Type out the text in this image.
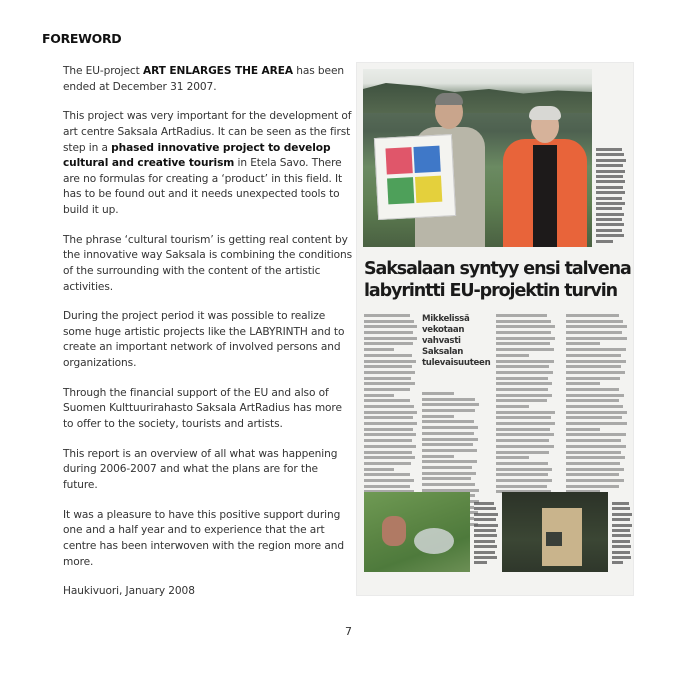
FOREWORD

The EU-project ART ENLARGES THE AREA has been ended at December 31 2007.

This project was very important for the development of art centre Saksala ArtRadius. It can be seen as the first step in a phased innovative project to develop cultural and creative tourism in Etela Savo. There are no formulas for creating a ‘product’ in this field. It has to be found out and it needs unexpected tools to build it up.

The phrase ‘cultural tourism’ is getting real content by the innovative way Saksala is combining the conditions of the surrounding with the content of the artistic activities.

During the project period it was possible to realize some huge artistic projects like the LABYRINTH and to create an important network of involved persons and organizations.

Through the financial support of the EU and also of Suomen Kulttuurirahasto Saksala ArtRadius has more to offer to the society, tourists and artists.

This report is an overview of all what was happening during 2006-2007 and what the plans are for the future.

It was a pleasure to have this positive support during one and a half year and to experience that the art centre has been interwoven with the region more and more.

Haukivuori, January 2008

Saksalaan syntyy ensi talvena
labyrintti EU-projektin turvin
Mikkelissä vekotaan vahvasti Saksalan tulevaisuuteen
7
